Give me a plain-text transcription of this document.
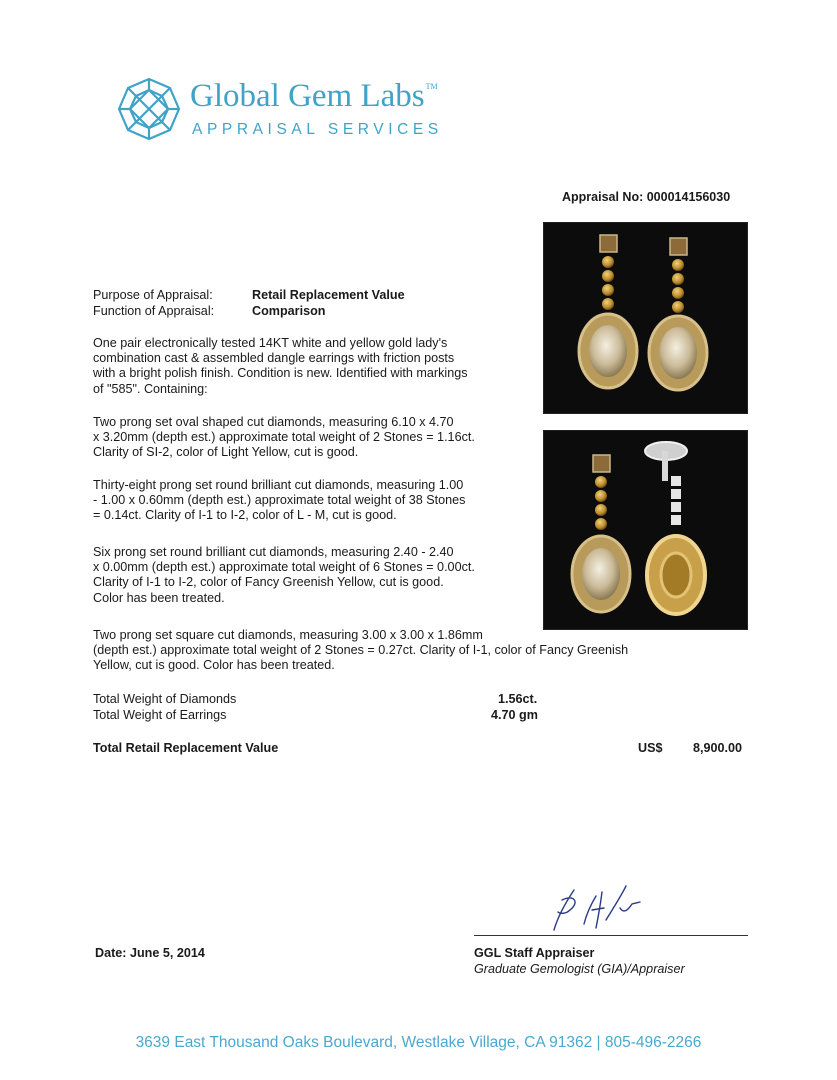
Global Gem Labs™
APPRAISAL SERVICES
Appraisal No: 000014156030
Purpose of Appraisal:	Retail Replacement Value
Function of Appraisal:	Comparison
One pair electronically tested 14KT white and yellow gold lady's
combination cast & assembled dangle earrings with friction posts
with a bright polish finish. Condition is new. Identified with markings
of "585". Containing:
Two prong set oval shaped cut diamonds, measuring 6.10 x 4.70
x 3.20mm (depth est.) approximate total weight of 2 Stones = 1.16ct.
Clarity of SI-2, color of Light Yellow, cut is good.
Thirty-eight prong set round brilliant cut diamonds, measuring 1.00
- 1.00 x 0.60mm (depth est.) approximate total weight of 38 Stones
= 0.14ct. Clarity of I-1 to I-2, color of L - M, cut is good.
Six prong set round brilliant cut diamonds, measuring 2.40 - 2.40
x 0.00mm (depth est.) approximate total weight of 6 Stones = 0.00ct.
Clarity of I-1 to I-2, color of Fancy Greenish Yellow, cut is good.
Color has been treated.
Two prong set square cut diamonds, measuring 3.00 x 3.00 x 1.86mm
(depth est.) approximate total weight of 2 Stones = 0.27ct. Clarity of I-1, color of Fancy Greenish
Yellow, cut is good. Color has been treated.
Total Weight of Diamonds	1.56ct.
Total Weight of Earrings	4.70 gm
Total Retail Replacement Value	US$ 8,900.00
Date: June 5, 2014	GGL Staff Appraiser
Graduate Gemologist (GIA)/Appraiser
3639 East Thousand Oaks Boulevard, Westlake Village, CA 91362 | 805-496-2266
